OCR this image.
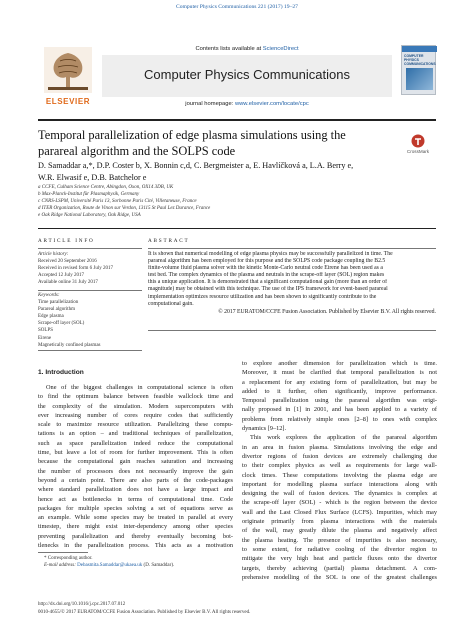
Computer Physics Communications 221 (2017) 19–27
ELSEVIER
Contents lists available at ScienceDirect
Computer Physics Communications
journal homepage: www.elsevier.com/locate/cpc
COMPUTER PHYSICS COMMUNICATIONS
Temporal parallelization of edge plasma simulations using the
parareal algorithm and the SOLPS code	CrossMark
D. Samaddar a,*, D.P. Coster b, X. Bonnin c,d, C. Bergmeister a, E. Havlíčková a, L.A. Berry e,
W.R. Elwasif e, D.B. Batchelor e
a CCFE, Culham Science Centre, Abingdon, Oxon, OX14 3DB, UK
b Max-Planck-Institut für Plasmaphysik, Germany
c CNRS-LSPM, Université Paris 13, Sorbonne Paris Cité, Villetaneuse, France
d ITER Organization, Route de Vinon sur Verdon, 13115 St Paul Lez Durance, France
e Oak Ridge National Laboratory, Oak Ridge, USA
ARTICLE INFO
Article history:
Received 20 September 2016
Received in revised form 6 July 2017
Accepted 12 July 2017
Available online 31 July 2017
Keywords:
Time parallelization
Parareal algorithm
Edge plasma
Scrape-off layer (SOL)
SOLPS
Eirene
Magnetically confined plasmas
ABSTRACT
It is shown that numerical modelling of edge plasma physics may be successfully parallelized in time. The
parareal algorithm has been employed for this purpose and the SOLPS code package coupling the B2.5
finite-volume fluid plasma solver with the kinetic Monte-Carlo neutral code Eirene has been used as a
test bed. The complex dynamics of the plasma and neutrals in the scrape-off layer (SOL) region makes
this a unique application. It is demonstrated that a significant computational gain (more than an order of
magnitude) may be obtained with this technique. The use of the IPS framework for event-based parareal
implementation optimizes resource utilization and has been shown to significantly contribute to the
computational gain.
© 2017 EURATOM/CCFE Fusion Association. Published by Elsevier B.V. All rights reserved.
1. Introduction
One of the biggest challenges in computational science is often
to find the optimum balance between feasible wallclock time and
the complexity of the simulation. Modern supercomputers with
ever increasing number of cores require codes that sufficiently
scale to maximize resource utilization. Parallelizing these compu-
tations is an option – and traditional techniques of parallelization,
such as space parallelization indeed reduce the computational
time, but leave a lot of room for further improvement. This is often
because the computational gain reaches saturation and increasing
the number of processors does not necessarily improve the gain
beyond a certain point. There are also parts of the code-packages
where standard parallelization does not have a large impact and
hence act as bottlenecks in terms of computational time. Code
packages for multiple species solving a set of equations serve as
an example. While some species may be treated in parallel at every
timestep, there might exist inter-dependency among other species
preventing parallelization and thereby eventually becoming bot-
tlenecks in the parallelization process. This acts as a motivation
to explore another dimension for parallelization which is time.
Moreover, it must be clarified that temporal parallelization is not
a replacement for any existing form of parallelization, but may be
added to it further, often significantly, improve performance.
Temporal parallelization using the parareal algorithm was origi-
nally proposed in [1] in 2001, and has been applied to a variety of
problems from relatively simple ones [2–8] to ones with complex
dynamics [9–12].
This work explores the application of the parareal algorithm
in an area in fusion plasma. Simulations involving the edge and
divertor regions of fusion devices are extremely challenging due
to their complex physics as well as requirements for large wall-
clock times. These computations involving the plasma edge are
important for modelling plasma surface interactions along with
designing the wall of fusion devices. The dynamics is complex at
the scrape-off layer (SOL) - which is the region between the device
wall and the Last Closed Flux Surface (LCFS). Impurities, which may
originate primarily from plasma interactions with the materials
of the wall, may greatly dilute the plasma and negatively affect
the plasma heating. The presence of impurities is also necessary,
to some extent, for radiative cooling of the divertor region to
mitigate the very high heat and particle fluxes onto the divertor
targets, thereby achieving (partial) plasma detachment. A com-
prehensive modelling of the SOL is one of the greatest challenges
* Corresponding author.
E-mail address: Debasmita.Samaddar@ukaea.uk (D. Samaddar).
http://dx.doi.org/10.1016/j.cpc.2017.07.012
0010-4655/© 2017 EURATOM/CCFE Fusion Association. Published by Elsevier B.V. All rights reserved.
